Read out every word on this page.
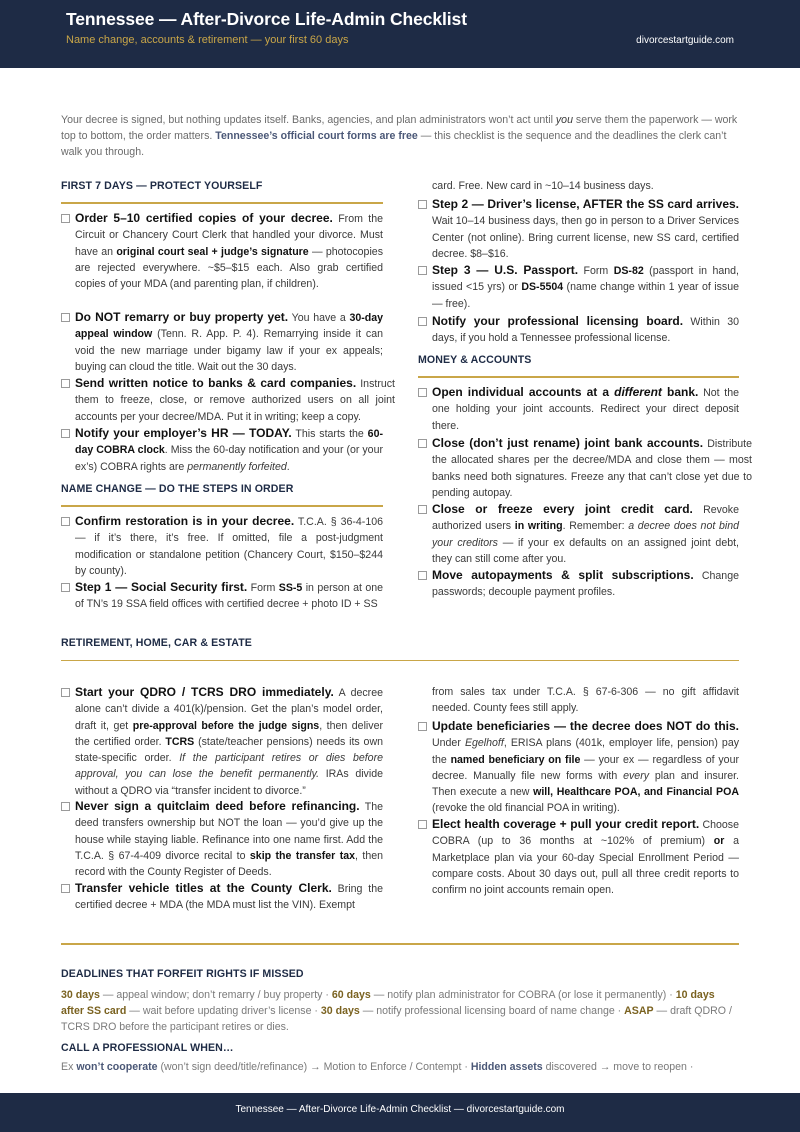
Tennessee — After-Divorce Life-Admin Checklist
Name change, accounts & retirement — your first 60 days	divorcestartguide.com
Your decree is signed, but nothing updates itself. Banks, agencies, and plan administrators won’t act until you serve them the paperwork — work top to bottom, the order matters. Tennessee’s official court forms are free — this checklist is the sequence and the deadlines the clerk can’t walk you through.
FIRST 7 DAYS — PROTECT YOURSELF
Order 5–10 certified copies of your decree. From the Circuit or Chancery Court Clerk that handled your divorce. Must have an original court seal + judge’s signature — photocopies are rejected everywhere. ~$5–$15 each. Also grab certified copies of your MDA (and parenting plan, if children).
Do NOT remarry or buy property yet. You have a 30-day appeal window (Tenn. R. App. P. 4). Remarrying inside it can void the new marriage under bigamy law if your ex appeals; buying can cloud the title. Wait out the 30 days.
Send written notice to banks & card companies. Instruct them to freeze, close, or remove authorized users on all joint accounts per your decree/MDA. Put it in writing; keep a copy.
Notify your employer’s HR — TODAY. This starts the 60-day COBRA clock. Miss the 60-day notification and your (or your ex’s) COBRA rights are permanently forfeited.
NAME CHANGE — DO THE STEPS IN ORDER
Confirm restoration is in your decree. T.C.A. § 36-4-106 — if it’s there, it’s free. If omitted, file a post-judgment modification or standalone petition (Chancery Court, $150–$244 by county).
Step 1 — Social Security first. Form SS-5 in person at one of TN’s 19 SSA field offices with certified decree + photo ID + SS
card. Free. New card in ~10–14 business days.
Step 2 — Driver’s license, AFTER the SS card arrives. Wait 10–14 business days, then go in person to a Driver Services Center (not online). Bring current license, new SS card, certified decree. $8–$16.
Step 3 — U.S. Passport. Form DS-82 (passport in hand, issued <15 yrs) or DS-5504 (name change within 1 year of issue — free).
Notify your professional licensing board. Within 30 days, if you hold a Tennessee professional license.
MONEY & ACCOUNTS
Open individual accounts at a different bank. Not the one holding your joint accounts. Redirect your direct deposit there.
Close (don’t just rename) joint bank accounts. Distribute the allocated shares per the decree/MDA and close them — most banks need both signatures. Freeze any that can’t close yet due to pending autopay.
Close or freeze every joint credit card. Revoke authorized users in writing. Remember: a decree does not bind your creditors — if your ex defaults on an assigned joint debt, they can still come after you.
Move autopayments & split subscriptions. Change passwords; decouple payment profiles.
RETIREMENT, HOME, CAR & ESTATE
Start your QDRO / TCRS DRO immediately. A decree alone can’t divide a 401(k)/pension. Get the plan’s model order, draft it, get pre-approval before the judge signs, then deliver the certified order. TCRS (state/teacher pensions) needs its own state-specific order. If the participant retires or dies before approval, you can lose the benefit permanently. IRAs divide without a QDRO via “transfer incident to divorce.”
Never sign a quitclaim deed before refinancing. The deed transfers ownership but NOT the loan — you’d give up the house while staying liable. Refinance into one name first. Add the T.C.A. § 67-4-409 divorce recital to skip the transfer tax, then record with the County Register of Deeds.
Transfer vehicle titles at the County Clerk. Bring the certified decree + MDA (the MDA must list the VIN). Exempt
from sales tax under T.C.A. § 67-6-306 — no gift affidavit needed. County fees still apply.
Update beneficiaries — the decree does NOT do this. Under Egelhoff, ERISA plans (401k, employer life, pension) pay the named beneficiary on file — your ex — regardless of your decree. Manually file new forms with every plan and insurer. Then execute a new will, Healthcare POA, and Financial POA (revoke the old financial POA in writing).
Elect health coverage + pull your credit report. Choose COBRA (up to 36 months at ~102% of premium) or a Marketplace plan via your 60-day Special Enrollment Period — compare costs. About 30 days out, pull all three credit reports to confirm no joint accounts remain open.
DEADLINES THAT FORFEIT RIGHTS IF MISSED
30 days — appeal window; don’t remarry / buy property · 60 days — notify plan administrator for COBRA (or lose it permanently) · 10 days after SS card — wait before updating driver’s license · 30 days — notify professional licensing board of name change · ASAP — draft QDRO / TCRS DRO before the participant retires or dies.
CALL A PROFESSIONAL WHEN…
Ex won’t cooperate (won’t sign deed/title/refinance) → Motion to Enforce / Contempt · Hidden assets discovered → move to reopen ·
Tennessee — After-Divorce Life-Admin Checklist — divorcestartguide.com
